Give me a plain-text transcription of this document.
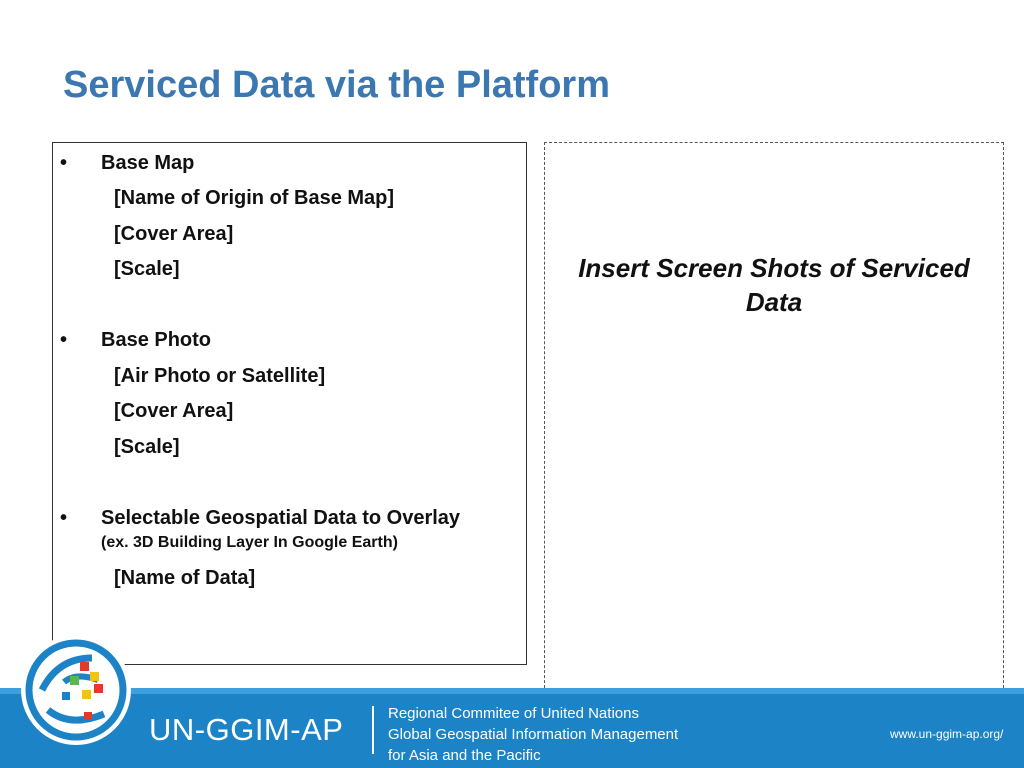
Serviced Data via the Platform
• Base Map
[Name of Origin of Base Map]
[Cover Area]
[Scale]
• Base Photo
[Air Photo or Satellite]
[Cover Area]
[Scale]
• Selectable Geospatial Data to Overlay
(ex. 3D Building Layer In Google Earth)
[Name of Data]
Insert Screen Shots of Serviced Data
UN-GGIM-AP	Regional Commitee of United Nations
Global Geospatial Information Management
for Asia and the Pacific
www.un-ggim-ap.org/
